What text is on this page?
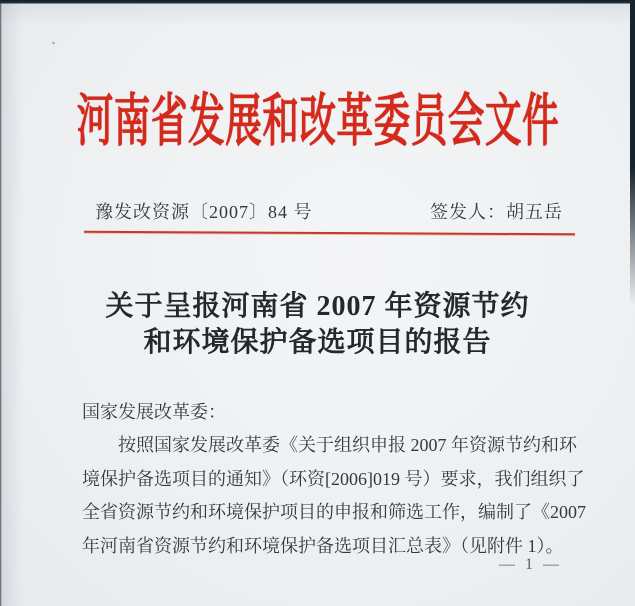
河南省发展和改革委员会文件
豫发改资源〔2007〕84 号	签发人：胡五岳
关于呈报河南省 2007 年资源节约
和环境保护备选项目的报告
国家发展改革委：
按照国家发展改革委《关于组织申报 2007 年资源节约和环
境保护备选项目的通知》（环资[2006]019 号）要求，我们组织了
全省资源节约和环境保护项目的申报和筛选工作，编制了《2007
年河南省资源节约和环境保护备选项目汇总表》（见附件 1）。
— 1 —
